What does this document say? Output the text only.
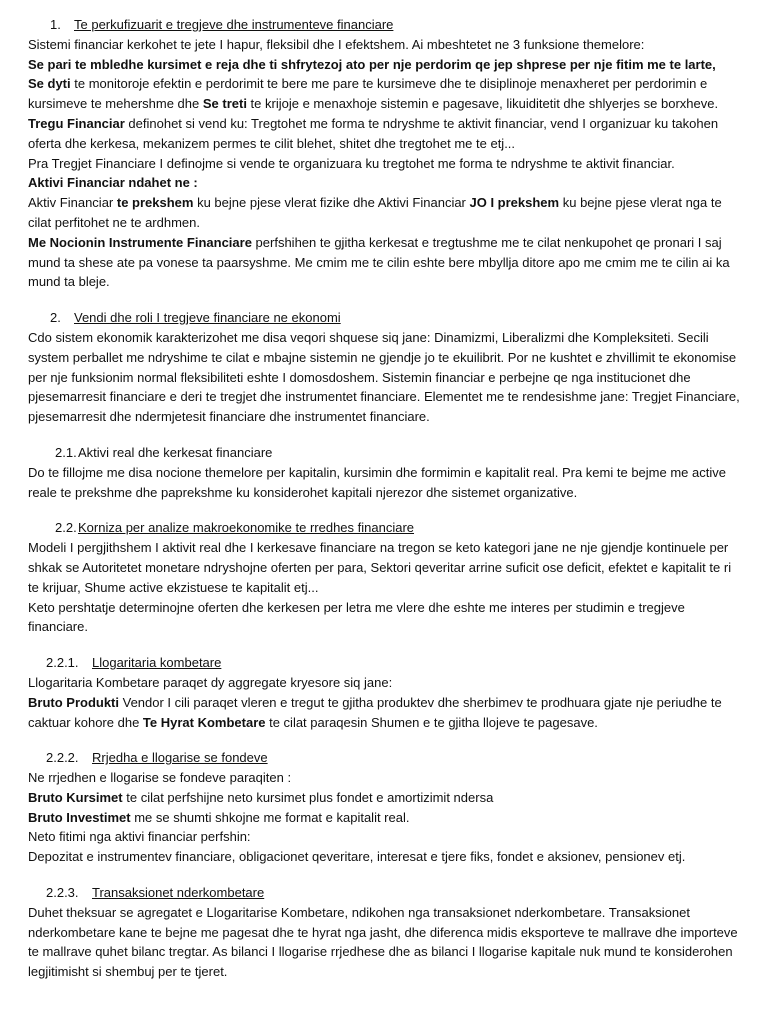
1. Te perkufizuarit e tregjeve dhe instrumenteve financiare

Sistemi financiar kerkohet te jete I hapur, fleksibil dhe I efektshem. Ai mbeshtetet ne 3 funksione themelore:

Se pari te mbledhe kursimet e reja dhe ti shfrytezoj ato per nje perdorim qe jep shprese per nje fitim me te larte,

Se dyti te monitoroje efektin e perdorimit te bere me pare te kursimeve dhe te disiplinoje menaxheret per perdorimin e kursimeve te mehershme dhe Se treti te krijoje e menaxhoje sistemin e pagesave, likuiditetit dhe shlyerjes se borxheve.

Tregu Financiar definohet si vend ku: Tregtohet me forma te ndryshme te aktivit financiar, vend I organizuar ku takohen oferta dhe kerkesa, mekanizem permes te cilit blehet, shitet dhe tregtohet me te etj...

Pra Tregjet Financiare I definojme si vende te organizuara ku tregtohet me forma te ndryshme te aktivit financiar.

Aktivi Financiar ndahet ne :

Aktiv Financiar te prekshem ku bejne pjese vlerat fizike dhe Aktivi Financiar JO I prekshem ku bejne pjese vlerat nga te cilat perfitohet ne te ardhmen.

Me Nocionin Instrumente Financiare perfshihen te gjitha kerkesat e tregtushme me te cilat nenkupohet qe pronari I saj mund ta shese ate pa vonese ta paarsyshme. Me cmim me te cilin eshte bere mbyllja ditore apo me cmim me te cilin ai ka mund ta bleje.

2. Vendi dhe roli I tregjeve financiare ne ekonomi

Cdo sistem ekonomik karakterizohet me disa veqori shquese siq jane: Dinamizmi, Liberalizmi dhe Kompleksiteti. Secili system perballet me ndryshime te cilat e mbajne sistemin ne gjendje jo te ekuilibrit. Por ne kushtet e zhvillimit te ekonomise per nje funksionim normal fleksibiliteti eshte I domosdoshem. Sistemin financiar e perbejne qe nga institucionet dhe pjesemarresit financiare e deri te tregjet dhe instrumentet financiare. Elementet me te rendesishme jane: Tregjet Financiare, pjesemarresit dhe ndermjetesit financiare dhe instrumentet financiare.

2.1.Aktivi real dhe kerkesat financiare

Do te fillojme me disa nocione themelore per kapitalin, kursimin dhe formimin e kapitalit real. Pra kemi te bejme me active reale te prekshme dhe paprekshme ku konsiderohet kapitali njerezor dhe sistemet organizative.

2.2.Korniza per analize makroekonomike te rredhes financiare

Modeli I pergjithshem I aktivit real dhe I kerkesave financiare na tregon se keto kategori jane ne nje gjendje kontinuele per shkak se Autoritetet monetare ndryshojne oferten per para, Sektori qeveritar arrine suficit ose deficit, efektet e kapitalit te ri te krijuar, Shume active ekzistuese te kapitalit etj...

Keto pershtatje determinojne oferten dhe kerkesen per letra me vlere dhe eshte me interes per studimin e tregjeve financiare.

2.2.1. Llogaritaria kombetare

Llogaritaria Kombetare paraqet dy aggregate kryesore siq jane:

Bruto Produkti Vendor I cili paraqet vleren e tregut te gjitha produktev dhe sherbimev te prodhuara gjate nje periudhe te caktuar kohore dhe Te Hyrat Kombetare te cilat paraqesin Shumen e te gjitha llojeve te pagesave.

2.2.2. Rrjedha e llogarise se fondeve

Ne rrjedhen e llogarise se fondeve paraqiten :

Bruto Kursimet te cilat perfshijne neto kursimet plus fondet e amortizimit ndersa

Bruto Investimet me se shumti shkojne me format e kapitalit real.

Neto fitimi nga aktivi financiar perfshin:

Depozitat e instrumentev financiare, obligacionet qeveritare, interesat e tjere fiks, fondet e aksionev, pensionev etj.

2.2.3. Transaksionet nderkombetare

Duhet theksuar se agregatet e Llogaritarise Kombetare, ndikohen nga transaksionet nderkombetare. Transaksionet nderkombetare kane te bejne me pagesat dhe te hyrat nga jasht, dhe diferenca midis eksporteve te mallrave dhe importeve te mallrave quhet bilanc tregtar. As bilanci I llogarise rrjedhese dhe as bilanci I llogarise kapitale nuk mund te konsiderohen legjitimisht si shembuj per te tjeret.
